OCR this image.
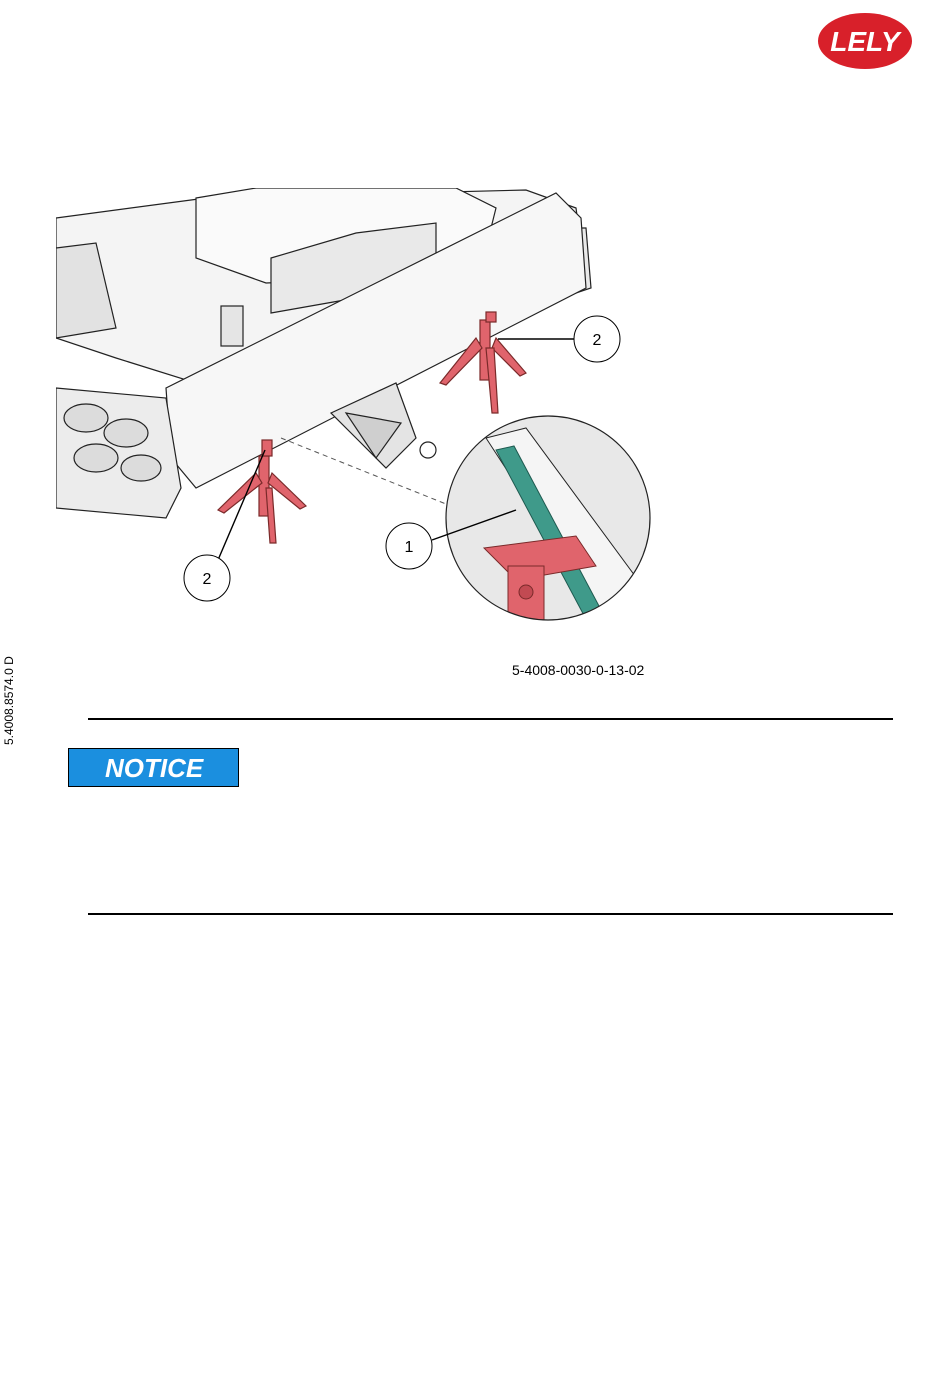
LELY
2
1
2
5-4008-0030-0-13-02
5.4008.8574.0 D
NOTICE
